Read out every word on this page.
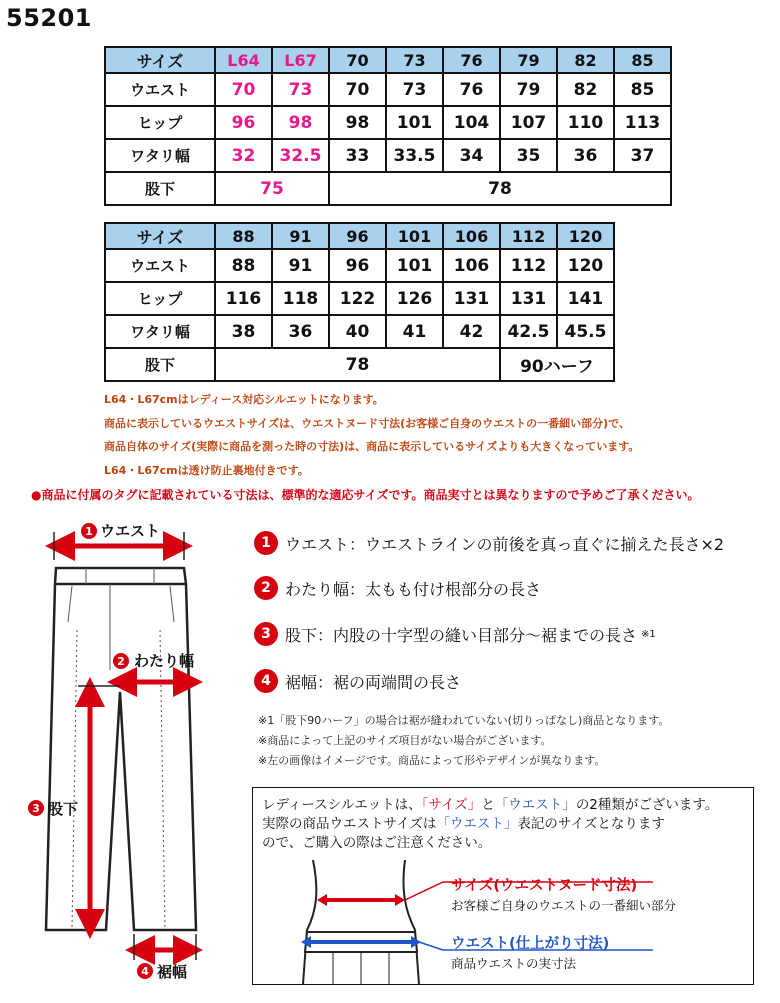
55201
サイズ	L64	L67	70	73	76	79	82	85
ウエスト	70	73	70	73	76	79	82	85
ヒップ	96	98	98	101	104	107	110	113
ワタリ幅	32	32.5	33	33.5	34	35	36	37
股下	75		78					
サイズ	88	91	96	101	106	112	120
ウエスト	88	91	96	101	106	112	120
ヒップ	116	118	122	126	131	131	141
ワタリ幅	38	36	40	41	42	42.5	45.5
股下	78					90ハーフ	
L64・L67cmはレディース対応シルエットになります。
商品に表示しているウエストサイズは、ウエストヌード寸法(お客様ご自身のウエストの一番細い部分)で、
商品自体のサイズ(実際に商品を測った時の寸法)は、商品に表示しているサイズよりも大きくなっています。
L64・L67cmは透け防止裏地付きです。
●商品に付属のタグに記載されている寸法は、標準的な適応サイズです。商品実寸とは異なりますので予めご了承ください。
1 ウエスト
2 わたり幅
3 股下
4 裾幅
1 ウエスト：ウエストラインの前後を真っ直ぐに揃えた長さ×2
2 わたり幅：太もも付け根部分の長さ
3 股下：内股の十字型の縫い目部分〜裾までの長さ ※1
4 裾幅：裾の両端間の長さ
※1「股下90ハーフ」の場合は裾が縫われていない(切りっぱなし)商品となります。
※商品によって上記のサイズ項目がない場合がございます。
※左の画像はイメージです。商品によって形やデザインが異なります。
レディースシルエットは、「サイズ」と「ウエスト」の2種類がございます。
実際の商品ウエストサイズは「ウエスト」表記のサイズとなります
ので、ご購入の際はご注意ください。
サイズ(ウエストヌード寸法)
お客様ご自身のウエストの一番細い部分
ウエスト(仕上がり寸法)
商品ウエストの実寸法
